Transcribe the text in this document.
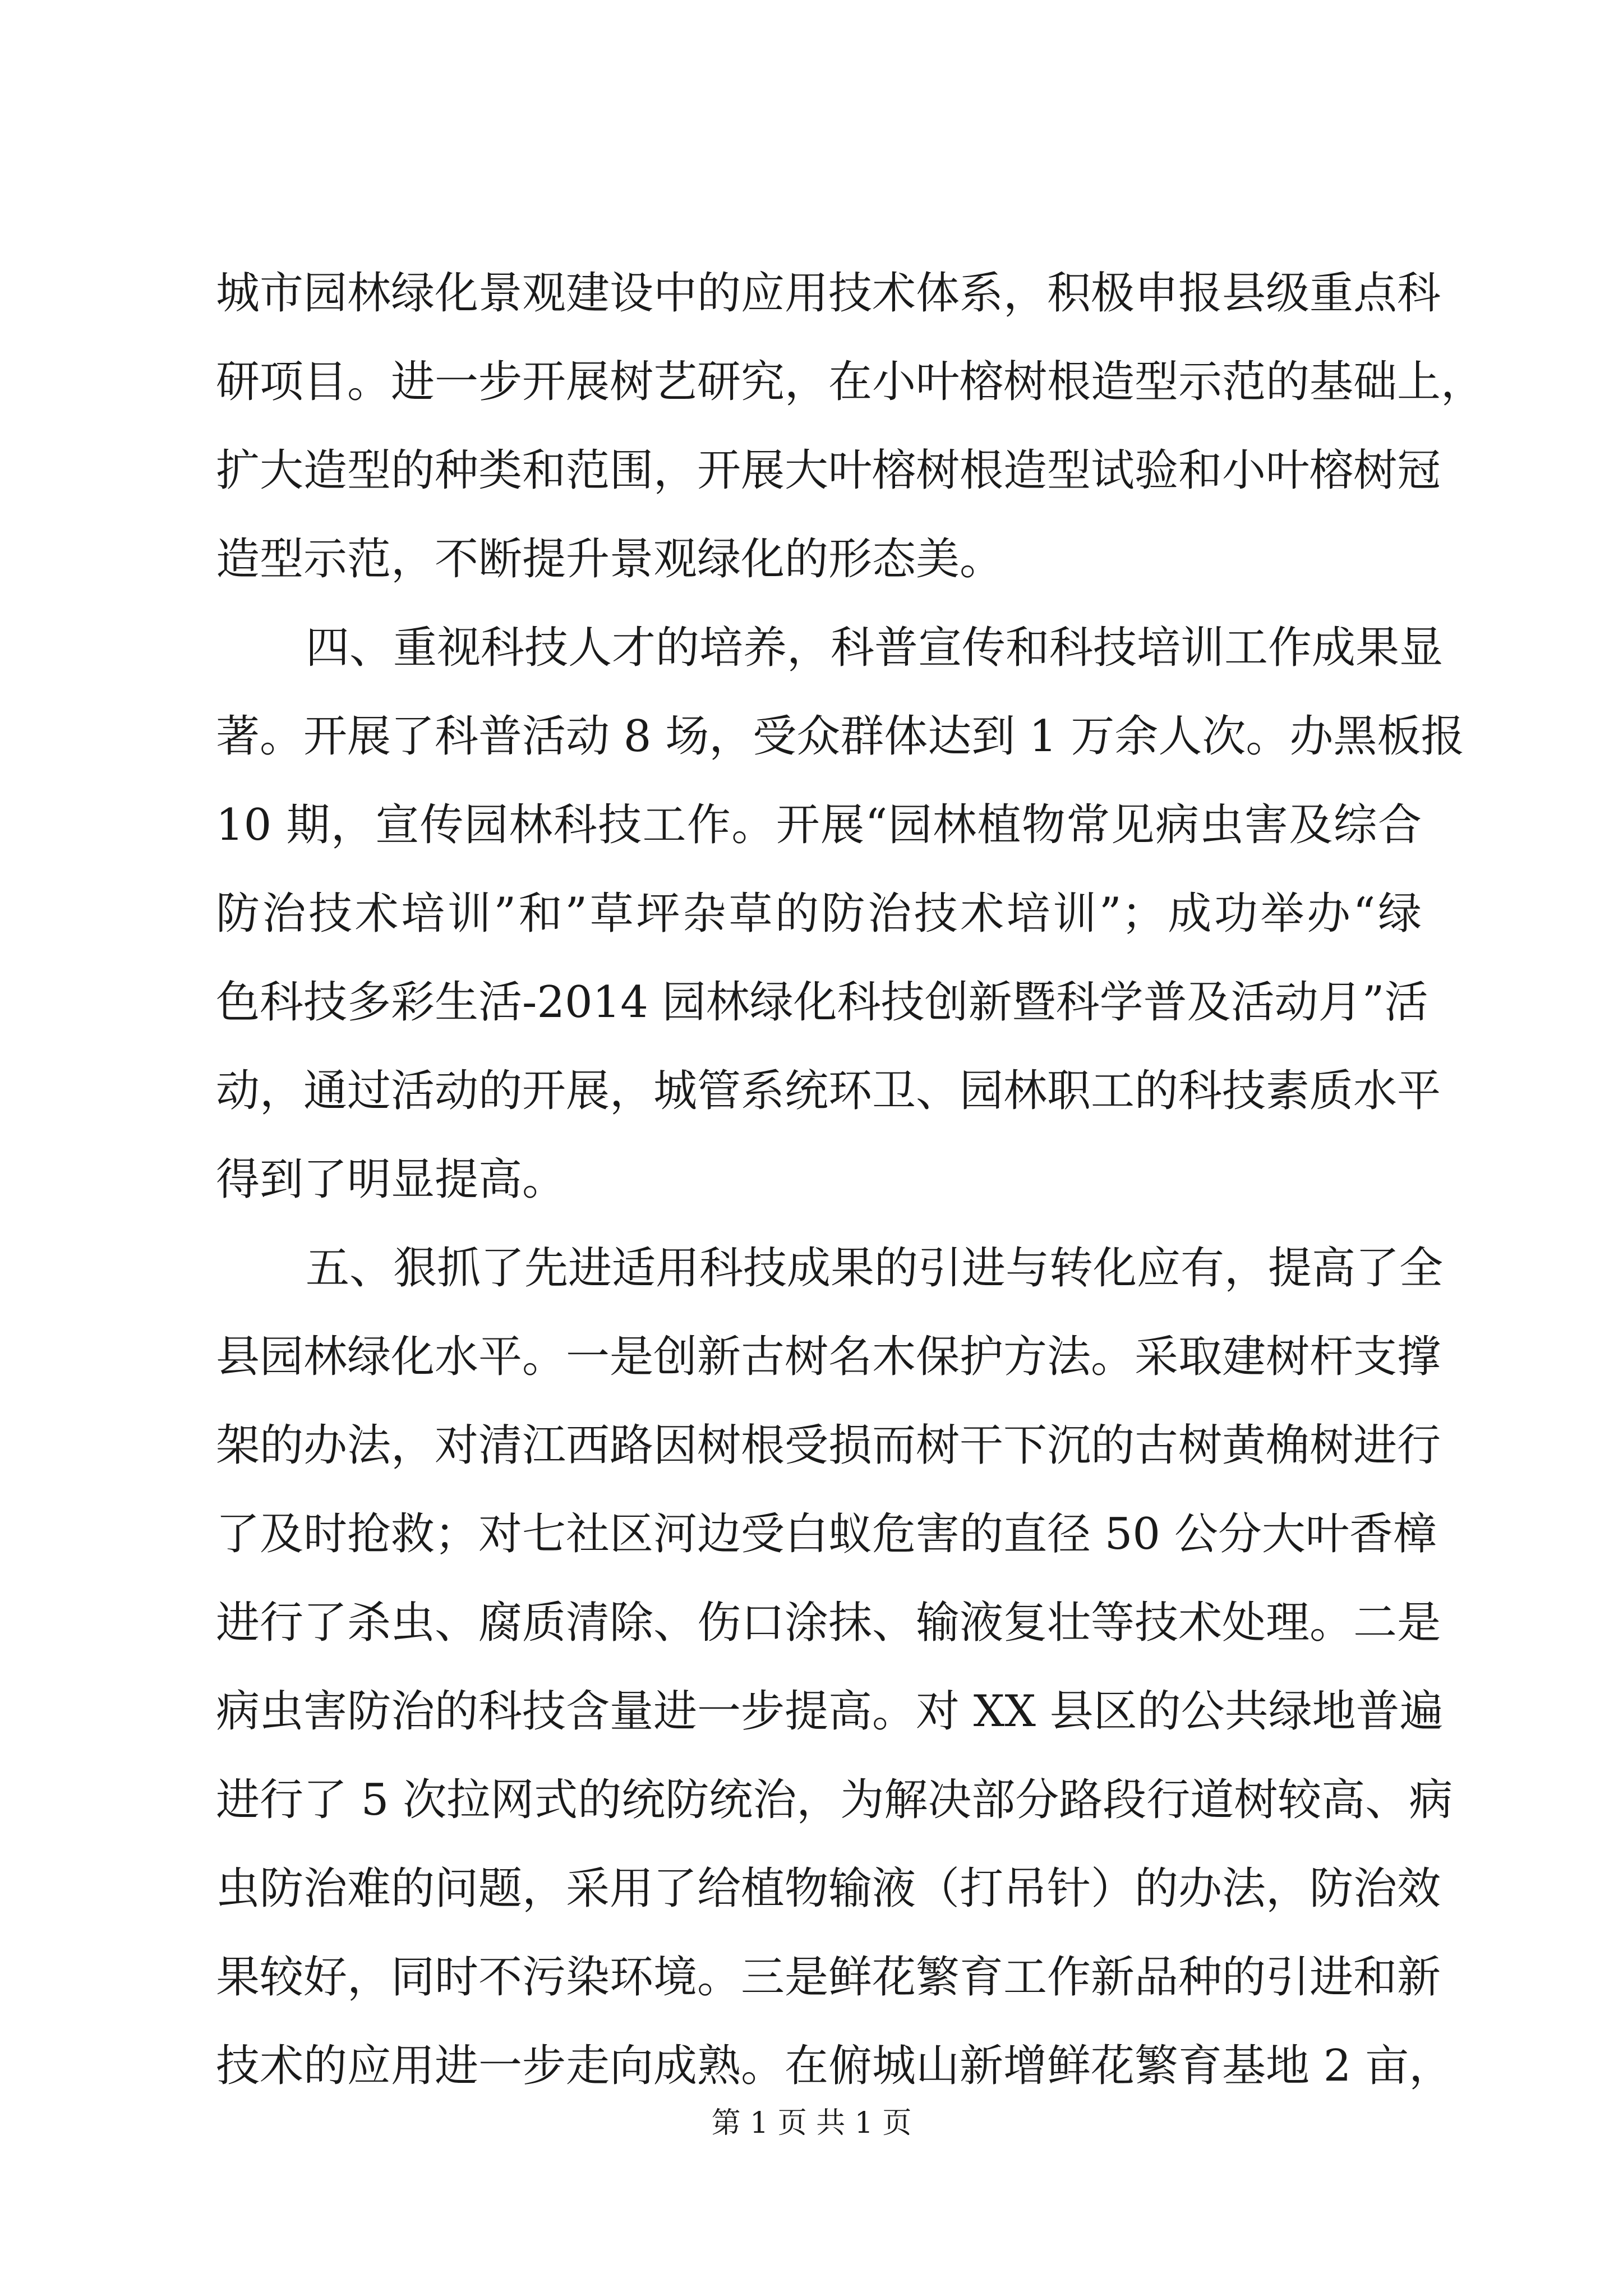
城市园林绿化景观建设中的应用技术体系，积极申报县级重点科
研项目。进一步开展树艺研究，在小叶榕树根造型示范的基础上，
扩大造型的种类和范围，开展大叶榕树根造型试验和小叶榕树冠
造型示范，不断提升景观绿化的形态美。
四、重视科技人才的培养，科普宣传和科技培训工作成果显
著。开展了科普活动 8 场，受众群体达到 1 万余人次。办黑板报
10 期，宣传园林科技工作。开展“园林植物常见病虫害及综合
防治技术培训”和”草坪杂草的防治技术培训”；成功举办“绿
色科技多彩生活-2014 园林绿化科技创新暨科学普及活动月”活
动，通过活动的开展，城管系统环卫、园林职工的科技素质水平
得到了明显提高。
五、狠抓了先进适用科技成果的引进与转化应有，提高了全
县园林绿化水平。一是创新古树名木保护方法。采取建树杆支撑
架的办法，对清江西路因树根受损而树干下沉的古树黄桷树进行
了及时抢救；对七社区河边受白蚁危害的直径 50 公分大叶香樟
进行了杀虫、腐质清除、伤口涂抹、输液复壮等技术处理。二是
病虫害防治的科技含量进一步提高。对 XX 县区的公共绿地普遍
进行了 5 次拉网式的统防统治，为解决部分路段行道树较高、病
虫防治难的问题，采用了给植物输液（打吊针）的办法，防治效
果较好，同时不污染环境。三是鲜花繁育工作新品种的引进和新
技术的应用进一步走向成熟。在俯城山新增鲜花繁育基地 2 亩，
第 1 页 共 1 页
